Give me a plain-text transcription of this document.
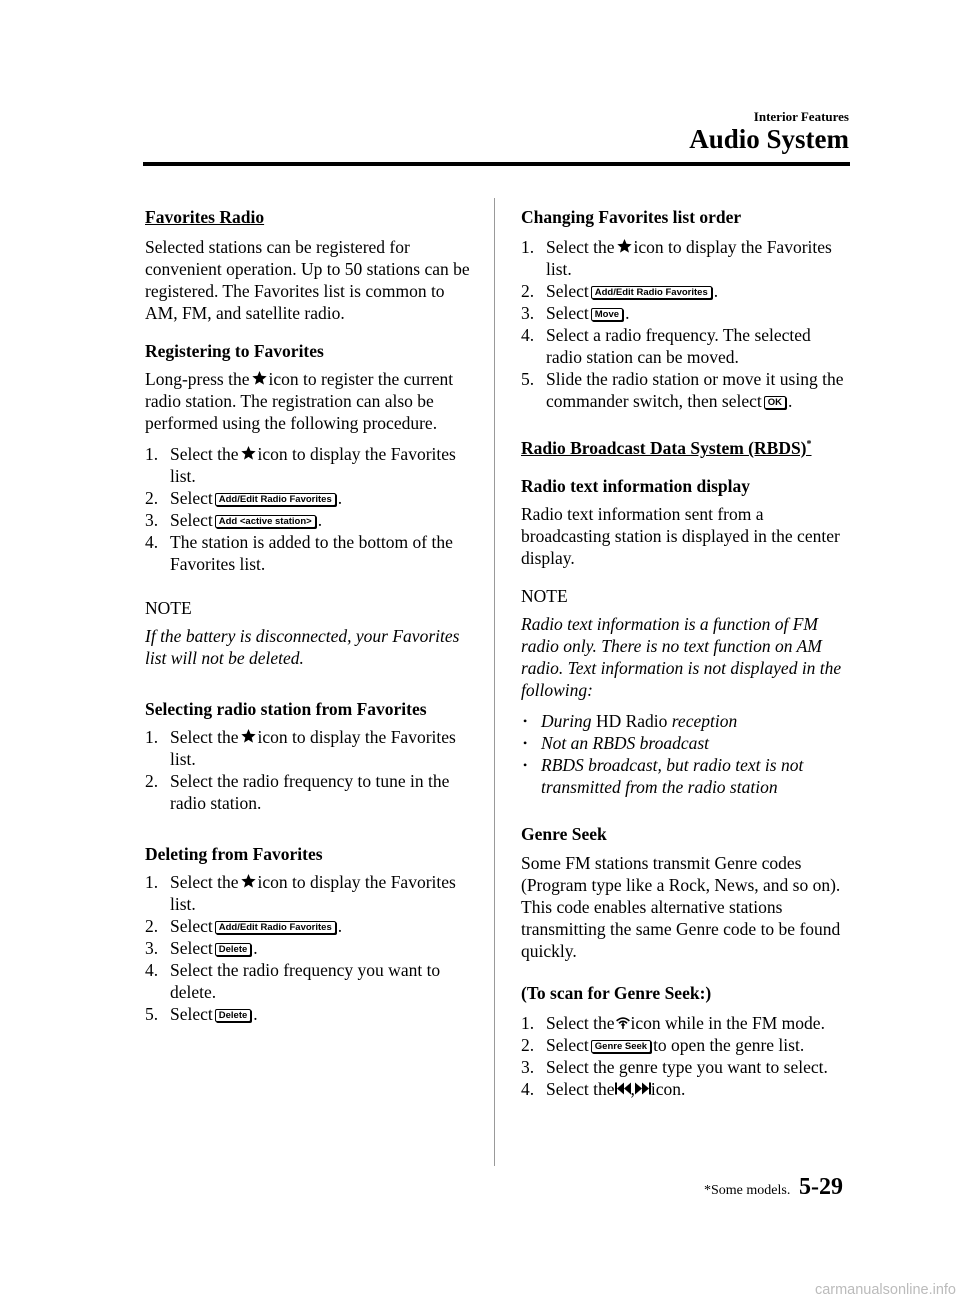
Interior Features
Audio System

Favorites Radio

Selected stations can be registered for convenient operation. Up to 50 stations can be registered. The Favorites list is common to AM, FM, and satellite radio.

Registering to Favorites

Long-press the icon to register the current radio station. The registration can also be performed using the following procedure.

1. Select the icon to display the Favorites list.
2. Select Add/Edit Radio Favorites .
3. Select Add <active station> .
4. The station is added to the bottom of the Favorites list.

NOTE

If the battery is disconnected, your Favorites list will not be deleted.

Selecting radio station from Favorites

1. Select the icon to display the Favorites list.
2. Select the radio frequency to tune in the radio station.

Deleting from Favorites

1. Select the icon to display the Favorites list.
2. Select Add/Edit Radio Favorites .
3. Select Delete .
4. Select the radio frequency you want to delete.
5. Select Delete .

Changing Favorites list order

1. Select the icon to display the Favorites list.
2. Select Add/Edit Radio Favorites .
3. Select Move .
4. Select a radio frequency. The selected radio station can be moved.
5. Slide the radio station or move it using the commander switch, then select OK .

Radio Broadcast Data System (RBDS)*

Radio text information display

Radio text information sent from a broadcasting station is displayed in the center display.

NOTE

Radio text information is a function of FM radio only. There is no text function on AM radio. Text information is not displayed in the following:

• During HD Radio reception
• Not an RBDS broadcast
• RBDS broadcast, but radio text is not transmitted from the radio station

Genre Seek

Some FM stations transmit Genre codes (Program type like a Rock, News, and so on). This code enables alternative stations transmitting the same Genre code to be found quickly.

(To scan for Genre Seek:)

1. Select the icon while in the FM mode.
2. Select Genre Seek to open the genre list.
3. Select the genre type you want to select.
4. Select the , icon.
*Some models. 5-29
carmanualsonline.info
